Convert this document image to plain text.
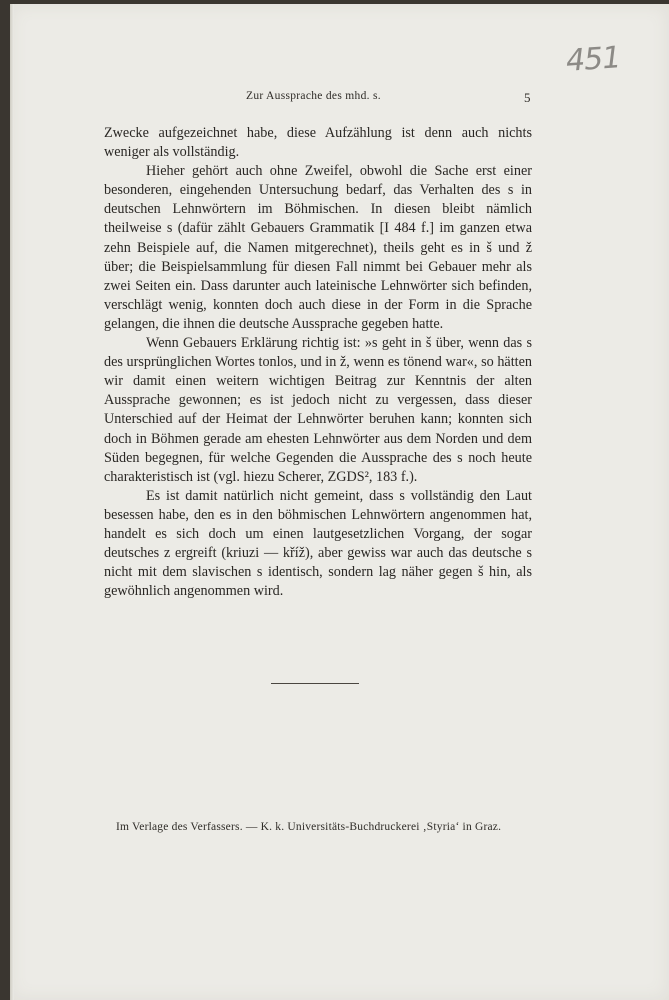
451
Zur Aussprache des mhd. s.	5

Zwecke aufgezeichnet habe, diese Aufzählung ist denn auch nichts weniger als vollständig.

Hieher gehört auch ohne Zweifel, obwohl die Sache erst einer besonderen, eingehenden Untersuchung bedarf, das Verhalten des s in deutschen Lehnwörtern im Böhmischen. In diesen bleibt nämlich theilweise s (dafür zählt Gebauers Grammatik [I 484 f.] im ganzen etwa zehn Beispiele auf, die Namen mitgerechnet), theils geht es in š und ž über; die Beispielsammlung für diesen Fall nimmt bei Gebauer mehr als zwei Seiten ein. Dass darunter auch lateinische Lehnwörter sich befinden, verschlägt wenig, konnten doch auch diese in der Form in die Sprache gelangen, die ihnen die deutsche Aussprache gegeben hatte.

Wenn Gebauers Erklärung richtig ist: »s geht in š über, wenn das s des ursprünglichen Wortes tonlos, und in ž, wenn es tönend war«, so hätten wir damit einen weitern wichtigen Beitrag zur Kenntnis der alten Aussprache gewonnen; es ist jedoch nicht zu vergessen, dass dieser Unterschied auf der Heimat der Lehnwörter beruhen kann; konnten sich doch in Böhmen gerade am ehesten Lehnwörter aus dem Norden und dem Süden begegnen, für welche Gegenden die Aussprache des s noch heute charakteristisch ist (vgl. hiezu Scherer, ZGDS², 183 f.).

Es ist damit natürlich nicht gemeint, dass s vollständig den Laut besessen habe, den es in den böhmischen Lehnwörtern angenommen hat, handelt es sich doch um einen lautgesetzlichen Vorgang, der sogar deutsches z ergreift (kriuzi — kříž), aber gewiss war auch das deutsche s nicht mit dem slavischen s identisch, sondern lag näher gegen š hin, als gewöhnlich angenommen wird.

Im Verlage des Verfassers. — K. k. Universitäts-Buchdruckerei ‚Styria‘ in Graz.
